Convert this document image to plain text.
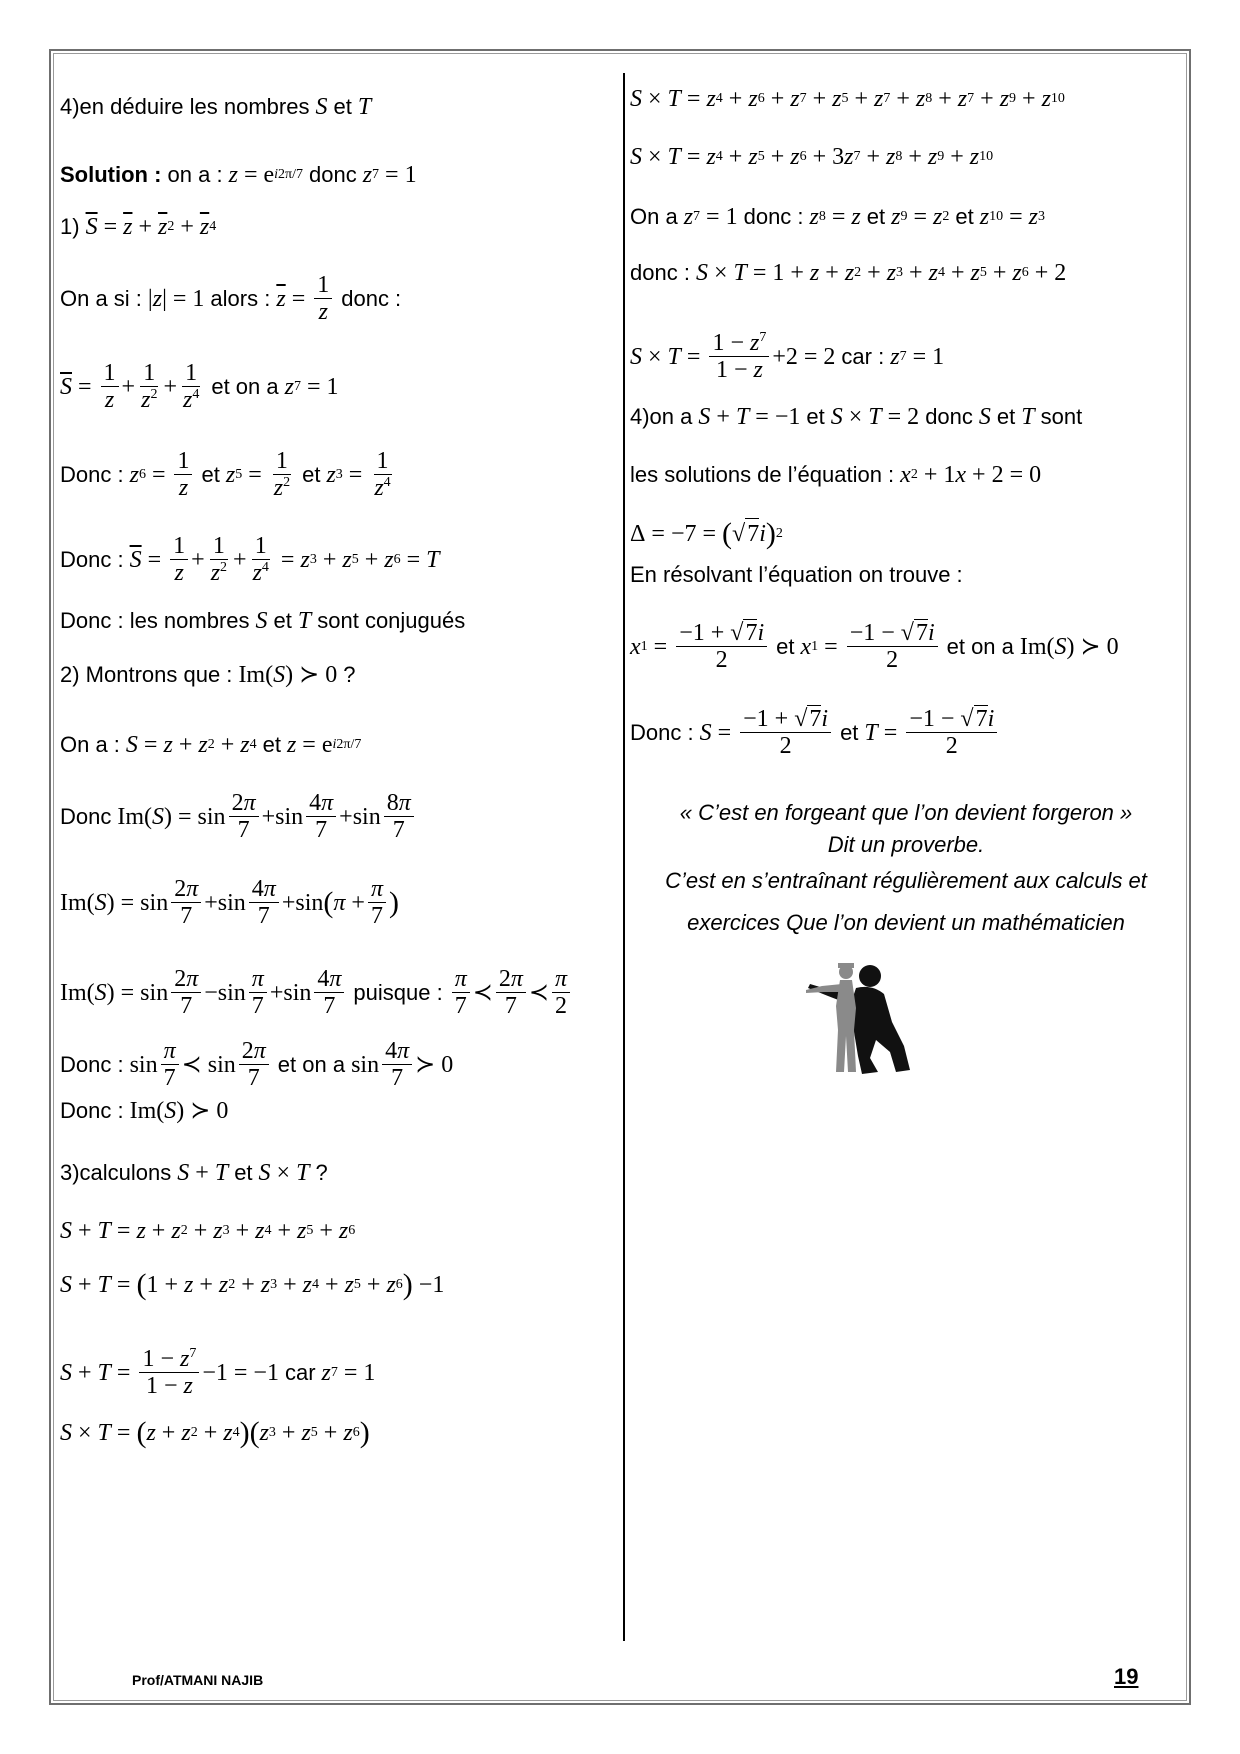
4)en déduire les nombres S et T
Solution :
on a : z = e i2π/7 donc z 7 = 1
1) $\overline{S} = \overline{z} + \overline{z}$ $2 + \overline{z}$ 4
On a si : | z | = 1 alors : $\overline{z} = \frac{1}{z}$ donc :
$\overline{S} = \frac{1}{z} + \frac{1}{z^2} + \frac{1}{z^4}$ et on a z 7 = 1
Donc : z $6 = \frac{1}{z}$ et z $5 = \frac{1}{z^2}$ et z $3 = \frac{1}{z^4}$
Donc : $\overline{S} = \frac{1}{z} + \frac{1}{z^2} + \frac{1}{z^4} = z$ 3 + z 5 + z 6 = T
Donc : les nombres S et T sont conjugués
2) Montrons que : Im( S ) ≻ 0 ?
On a : S = z + z 2 + z 4 et z = e i2π/7
Donc Im( S ) = $\sin \frac{2\pi}{7} +\sin \frac{4\pi}{7} +\sin \frac{8\pi}{7}$
Im( S ) = $\sin \frac{2\pi}{7} +\sin \frac{4\pi}{7} +\sin$ ( $\pi + \frac{\pi}{7}$ )
Im( S ) = $\sin \frac{2\pi}{7} -\sin \frac{\pi}{7} +\sin \frac{4\pi}{7}$ puisque : $\frac{\pi}{7}$ ≺ $\frac{2\pi}{7}$ ≺ $\frac{\pi}{2}$
Donc : $\sin \frac{\pi}{7}$ ≺ $\sin \frac{2\pi}{7}$ et on a $\sin \frac{4\pi}{7}$ ≻ 0
Donc : Im( S ) ≻ 0
3)calculons S + T et S × T ?
S + T = z + z 2 + z 3 + z 4 + z 5 + z 6
S + T = ( 1 + z + z 2 + z 3 + z 4 + z 5 + z 6 ) −1
$S + T = \frac{1 - z^7}{1 - z} -1 = -1$ car z 7 = 1
S × T = ( z + z 2 + z 4 )( z 3 + z 5 + z 6 )
S × T = z 4 + z 6 + z 7 + z 5 + z 7 + z 8 + z 7 + z 9 + z 10
S × T = z 4 + z 5 + z 6 + 3 z 7 + z 8 + z 9 + z 10
On a z 7 = 1 donc : z 8 = z et z 9 = z 2 et z 10 = z 3
donc : S × T = 1 + z + z 2 + z 3 + z 4 + z 5 + z 6 + 2
$S \times T = \frac{1 - z^7}{1 - z} +2 = 2$ car : z 7 = 1
4)on a S + T = −1 et S × T = 2 donc S et T sont
les solutions de l’équation : x 2 + 1 x + 2 = 0
Δ = −7 = ( √ 7 i ) 2
En résolvant l’équation on trouve :
x $1 = \frac{-1 + √7i}{2}$ et x $1 = \frac{-1 - √7i}{2}$ et on a Im( S ) ≻ 0
Donc : $S = \frac{-1 + √7i}{2}$ et $T = \frac{-1 - √7i}{2}$
« C’est en forgeant que l’on devient forgeron »
Dit un proverbe.
C’est en s’entraînant régulièrement aux calculs et
exercices Que l’on devient un mathématicien
Prof/ATMANI NAJIB	19
